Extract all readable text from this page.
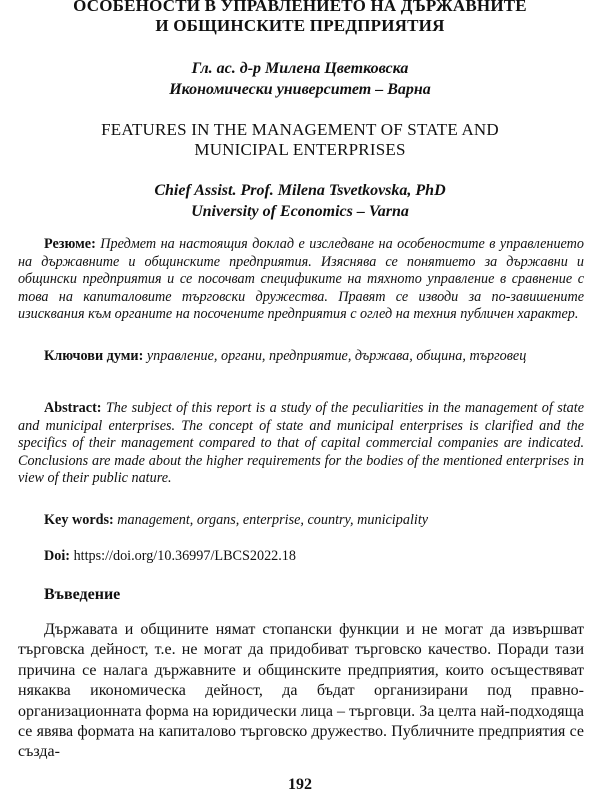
ОСОБЕНОСТИ В УПРАВЛЕНИЕТО НА ДЪРЖАВНИТЕ

И ОБЩИНСКИТЕ ПРЕДПРИЯТИЯ

Гл. ас. д-р Милена Цветковска
Икономически университет – Варна

FEATURES IN THE MANAGEMENT OF STATE AND

MUNICIPAL ENTERPRISES

Chief Assist. Prof. Milena Tsvetkovska, PhD
University of Economics – Varna
Резюме: Предмет на настоящия доклад е изследване на особеностите в управлението на държавните и общинските предприятия. Изяснява се понятието за държавни и общински предприятия и се посочват спецификите на тяхното управление в сравнение с това на капиталовите търговски дружества. Правят се изводи за по-завишените изисквания към органите на посочените предприятия с оглед на техния публичен характер.
Ключови думи: управление, органи, предприятие, държава, община, търговец
Abstract: The subject of this report is a study of the peculiarities in the management of state and municipal enterprises. The concept of state and municipal enterprises is clarified and the specifics of their management compared to that of capital commercial companies are indicated. Conclusions are made about the higher requirements for the bodies of the mentioned enterprises in view of their public nature.
Key words: management, organs, enterprise, country, municipality
Doi: https://doi.org/10.36997/LBCS2022.18
Въведение
Държавата и общините нямат стопански функции и не могат да извършват търговска дейност, т.е. не могат да придобиват търговско качество. Поради тази причина се налага държавните и общинските предприятия, които осъществяват някаква икономическа дейност, да бъдат организирани под правно-организационната форма на юридически лица – търговци. За целта най-подходяща се явява формата на капиталово търговско дружество. Публичните предприятия се създа-
192
